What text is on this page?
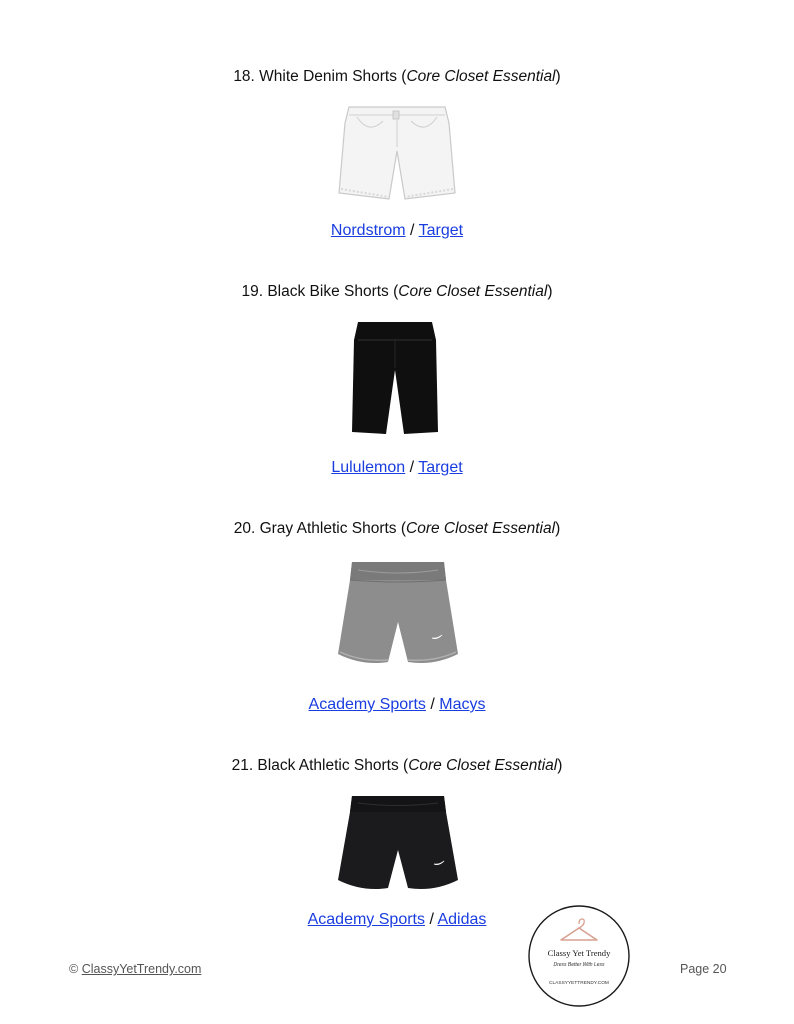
18. White Denim Shorts (Core Closet Essential)
Nordstrom / Target
19. Black Bike Shorts (Core Closet Essential)
Lululemon / Target
20. Gray Athletic Shorts (Core Closet Essential)
Academy Sports / Macys
21. Black Athletic Shorts (Core Closet Essential)
Academy Sports / Adidas
© ClassyYetTrendy.com	Page 20
Classy Yet Trendy
Dress Better With Less
CLASSYYETTRENDY.COM
